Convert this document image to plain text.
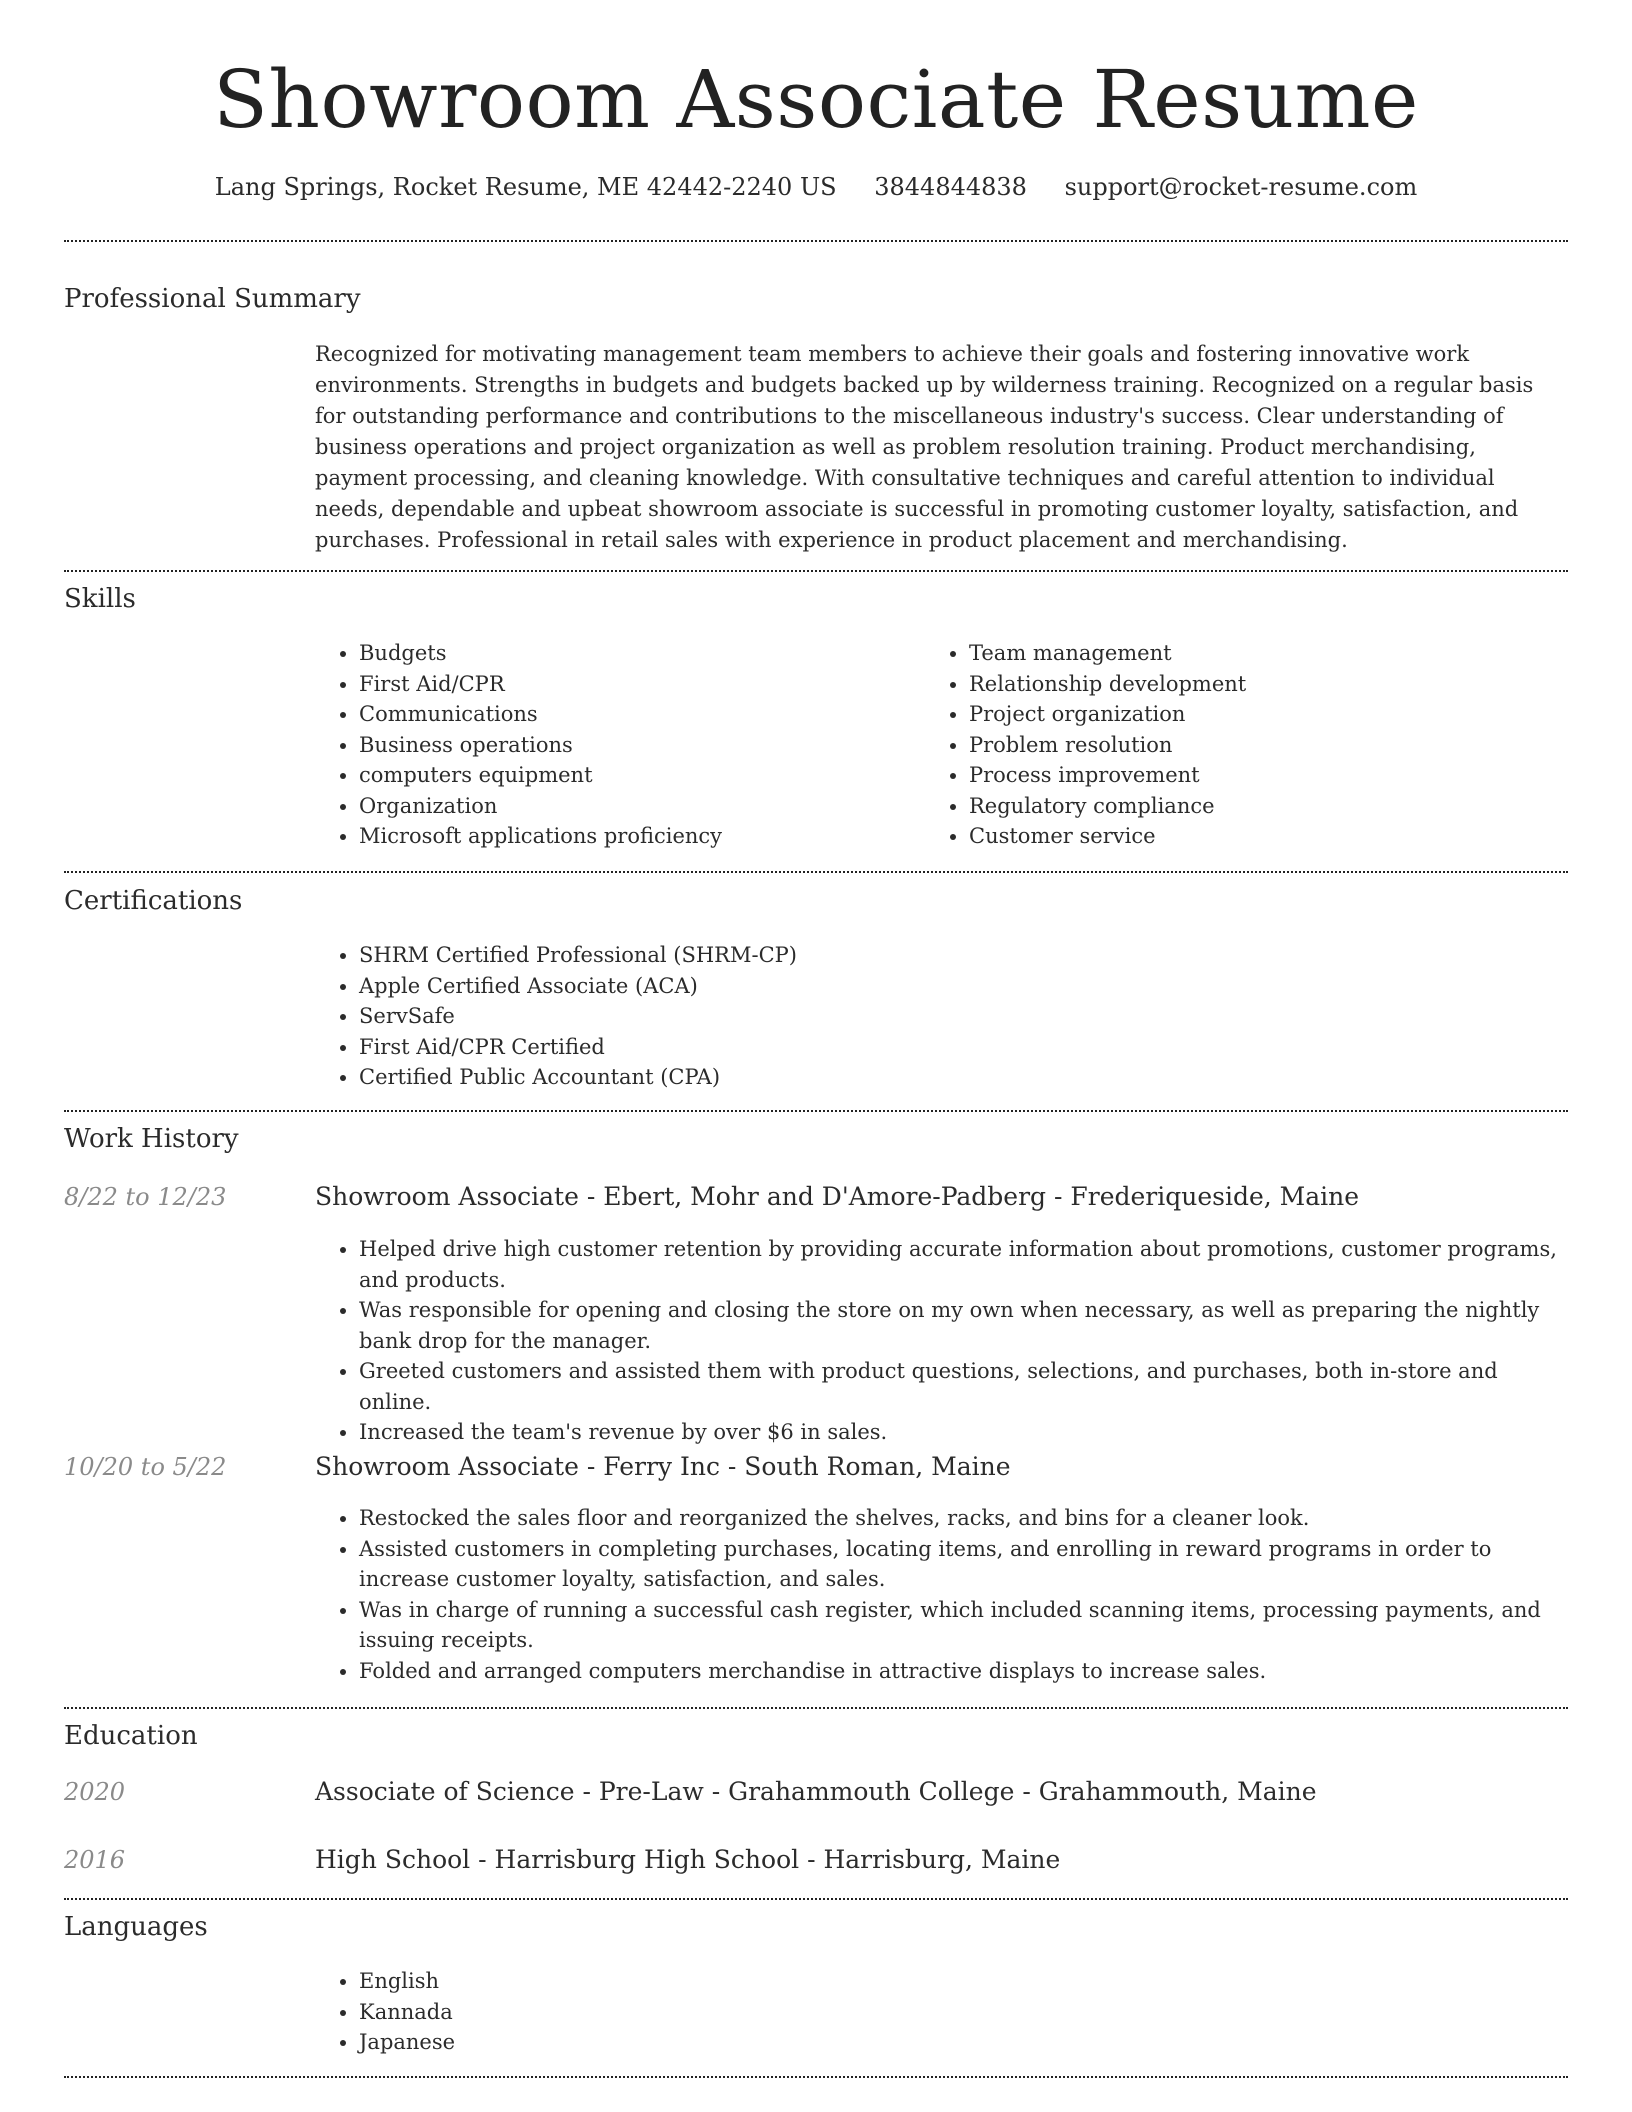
Showroom Associate Resume
Lang Springs, Rocket Resume, ME 42442-2240 US 3844844838 support@rocket-resume.com
Professional Summary

Recognized for motivating management team members to achieve their goals and fostering innovative work environments. Strengths in budgets and budgets backed up by wilderness training. Recognized on a regular basis for outstanding performance and contributions to the miscellaneous industry's success. Clear understanding of business operations and project organization as well as problem resolution training. Product merchandising, payment processing, and cleaning knowledge. With consultative techniques and careful attention to individual needs, dependable and upbeat showroom associate is successful in promoting customer loyalty, satisfaction, and purchases. Professional in retail sales with experience in product placement and merchandising.

Skills
• Budgets
• First Aid/CPR
• Communications
• Business operations
• computers equipment
• Organization
• Microsoft applications proficiency
• Team management
• Relationship development
• Project organization
• Problem resolution
• Process improvement
• Regulatory compliance
• Customer service
Certifications
• SHRM Certified Professional (SHRM-CP)
• Apple Certified Associate (ACA)
• ServSafe
• First Aid/CPR Certified
• Certified Public Accountant (CPA)
Work History
8/22 to 12/23	Showroom Associate - Ebert, Mohr and D'Amore-Padberg - Frederiqueside, Maine
• Helped drive high customer retention by providing accurate information about promotions, customer programs, and products.
• Was responsible for opening and closing the store on my own when necessary, as well as preparing the nightly bank drop for the manager.
• Greeted customers and assisted them with product questions, selections, and purchases, both in-store and online.
• Increased the team's revenue by over $6 in sales.
10/20 to 5/22	Showroom Associate - Ferry Inc - South Roman, Maine
• Restocked the sales floor and reorganized the shelves, racks, and bins for a cleaner look.
• Assisted customers in completing purchases, locating items, and enrolling in reward programs in order to increase customer loyalty, satisfaction, and sales.
• Was in charge of running a successful cash register, which included scanning items, processing payments, and issuing receipts.
• Folded and arranged computers merchandise in attractive displays to increase sales.
Education
2020	Associate of Science - Pre-Law - Grahammouth College - Grahammouth, Maine
2016	High School - Harrisburg High School - Harrisburg, Maine
Languages
• English
• Kannada
• Japanese
